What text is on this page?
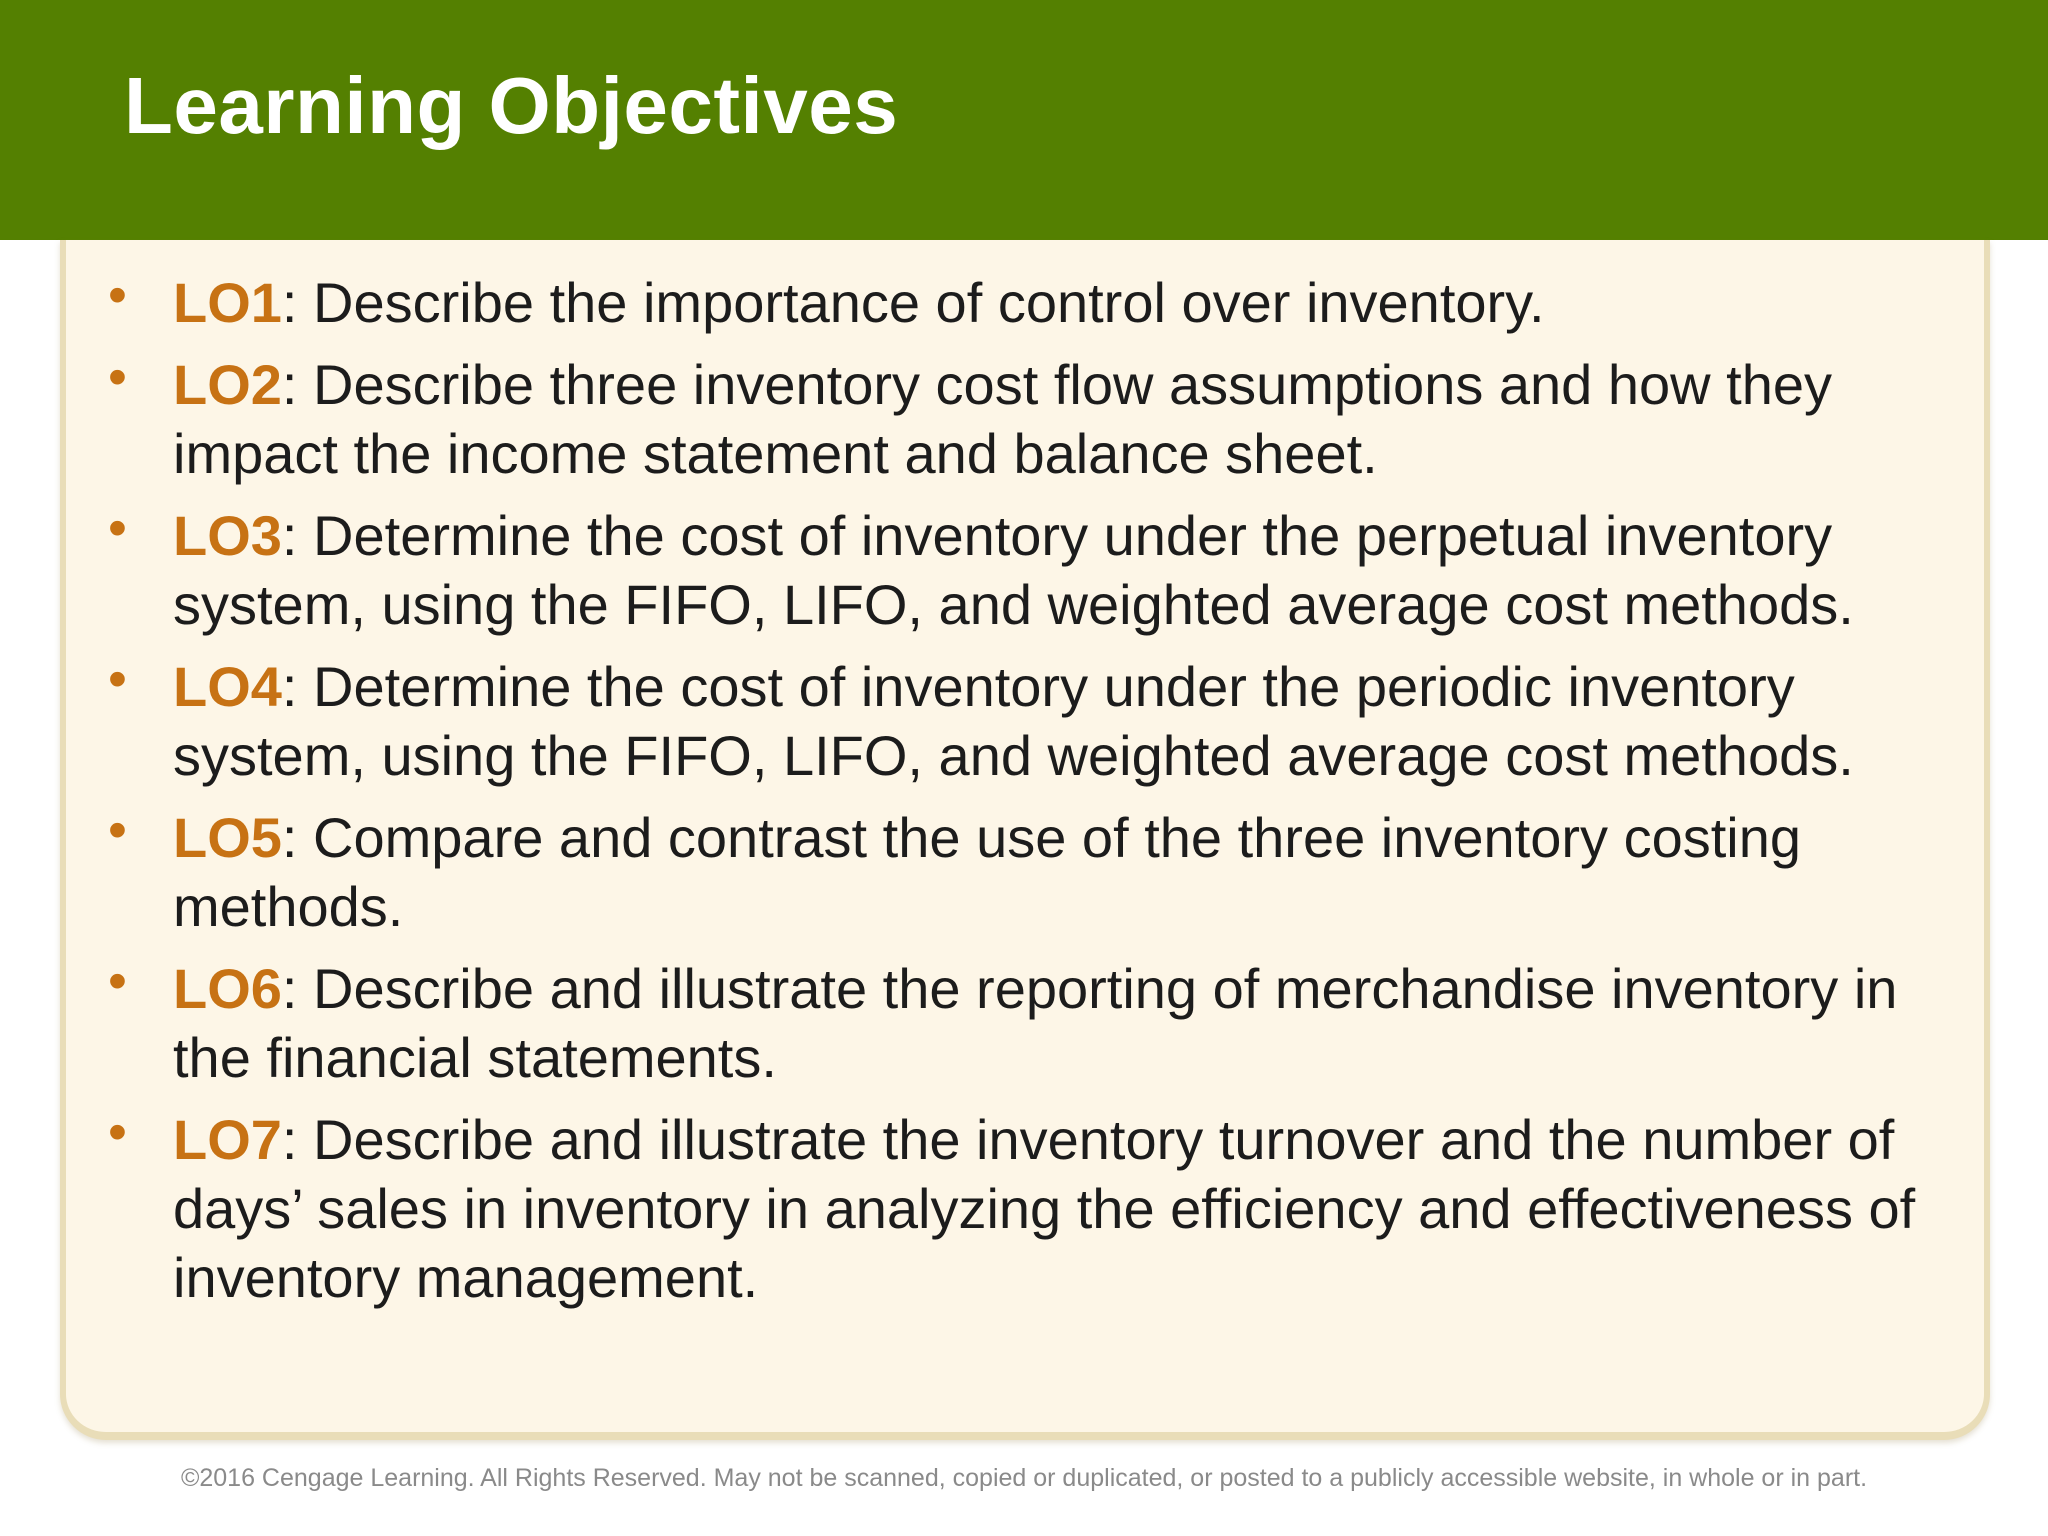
Learning Objectives
• LO1: Describe the importance of control over inventory.
• LO2: Describe three inventory cost flow assumptions and how they impact the income statement and balance sheet.
• LO3: Determine the cost of inventory under the perpetual inventory system, using the FIFO, LIFO, and weighted average cost methods.
• LO4: Determine the cost of inventory under the periodic inventory system, using the FIFO, LIFO, and weighted average cost methods.
• LO5: Compare and contrast the use of the three inventory costing methods.
• LO6: Describe and illustrate the reporting of merchandise inventory in the financial statements.
• LO7: Describe and illustrate the inventory turnover and the number of days’ sales in inventory in analyzing the efficiency and effectiveness of inventory management.

©2016 Cengage Learning. All Rights Reserved. May not be scanned, copied or duplicated, or posted to a publicly accessible website, in whole or in part.
